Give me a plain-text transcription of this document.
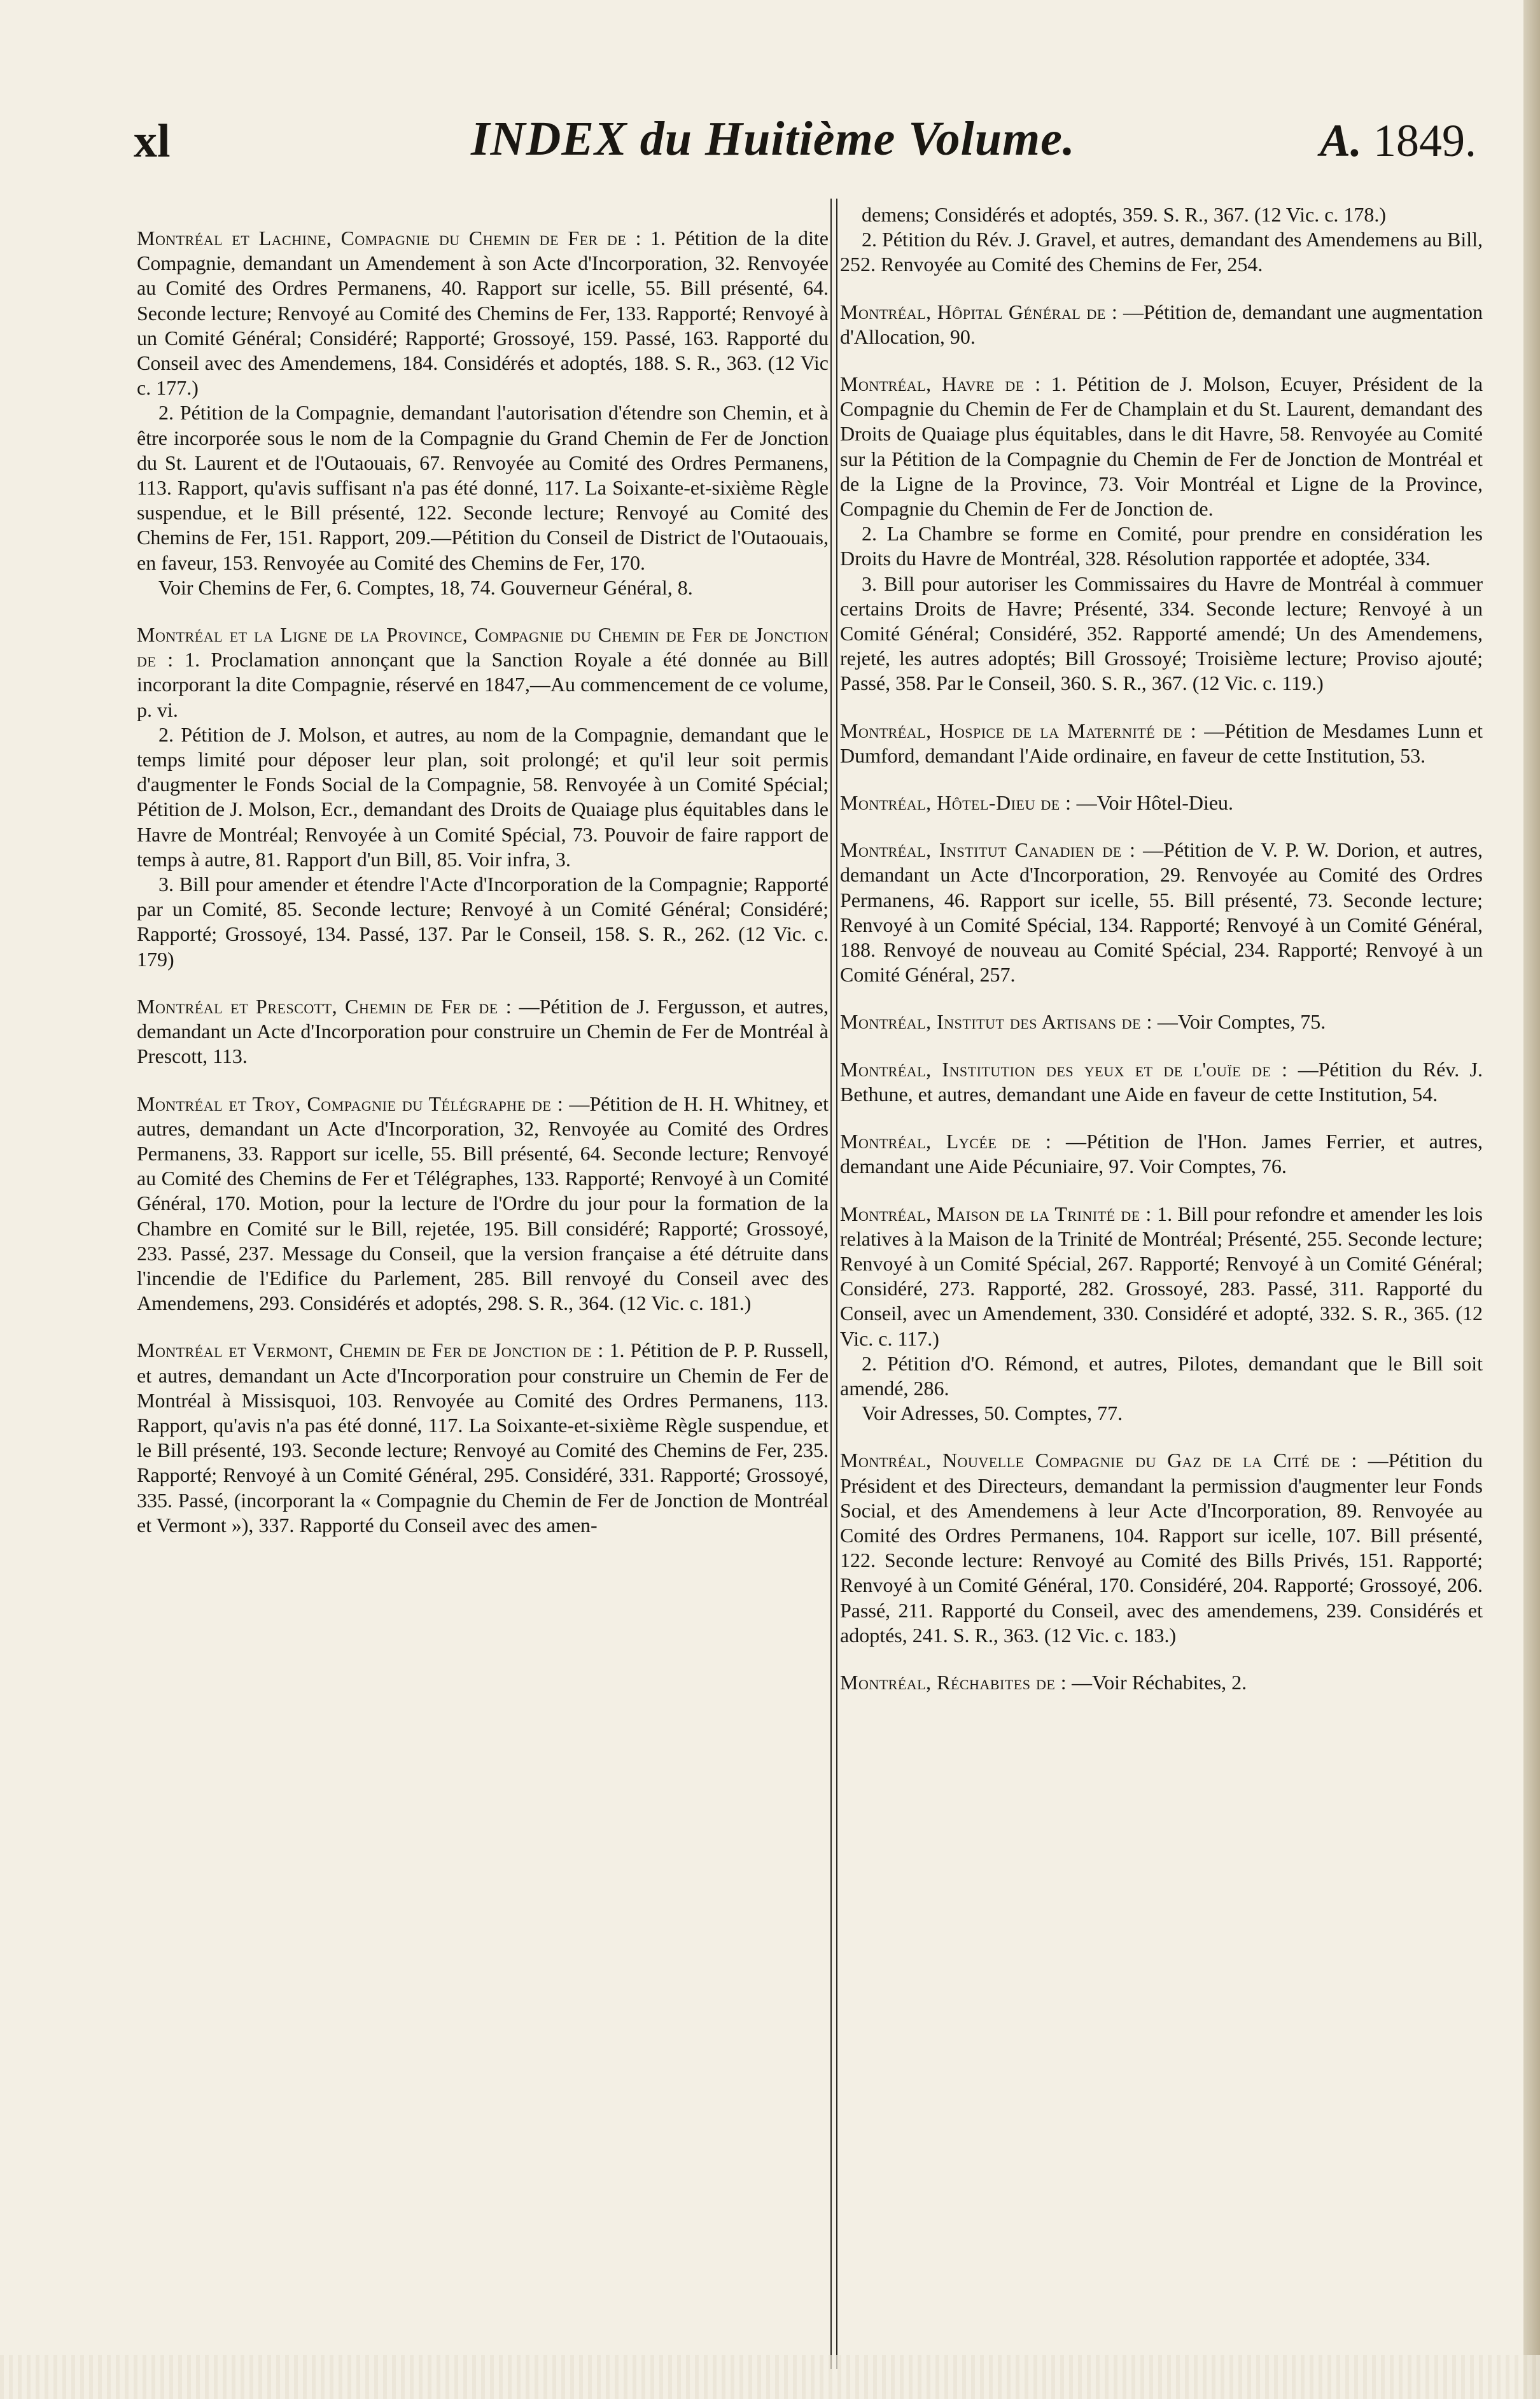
xl	INDEX du Huitième Volume.	A. 1849.

Montréal et Lachine, Compagnie du Chemin de Fer de : 1. Pétition de la dite Compagnie, demandant un Amendement à son Acte d'Incorporation, 32. Renvoyée au Comité des Ordres Permanens, 40. Rapport sur icelle, 55. Bill présenté, 64. Seconde lecture; Renvoyé au Comité des Chemins de Fer, 133. Rapporté; Renvoyé à un Comité Général; Considéré; Rapporté; Grossoyé, 159. Passé, 163. Rapporté du Conseil avec des Amendemens, 184. Considérés et adoptés, 188. S. R., 363. (12 Vic c. 177.)

2. Pétition de la Compagnie, demandant l'autorisation d'étendre son Chemin, et à être incorporée sous le nom de la Compagnie du Grand Chemin de Fer de Jonction du St. Laurent et de l'Outaouais, 67. Renvoyée au Comité des Ordres Permanens, 113. Rapport, qu'avis suffisant n'a pas été donné, 117. La Soixante-et-sixième Règle suspendue, et le Bill présenté, 122. Seconde lecture; Renvoyé au Comité des Chemins de Fer, 151. Rapport, 209.—Pétition du Conseil de District de l'Outaouais, en faveur, 153. Renvoyée au Comité des Chemins de Fer, 170.

Voir Chemins de Fer, 6. Comptes, 18, 74. Gouverneur Général, 8.

Montréal et la Ligne de la Province, Compagnie du Chemin de Fer de Jonction de : 1. Proclamation annonçant que la Sanction Royale a été donnée au Bill incorporant la dite Compagnie, réservé en 1847,—Au commencement de ce volume, p. vi.

2. Pétition de J. Molson, et autres, au nom de la Compagnie, demandant que le temps limité pour déposer leur plan, soit prolongé; et qu'il leur soit permis d'augmenter le Fonds Social de la Compagnie, 58. Renvoyée à un Comité Spécial; Pétition de J. Molson, Ecr., demandant des Droits de Quaiage plus équitables dans le Havre de Montréal; Renvoyée à un Comité Spécial, 73. Pouvoir de faire rapport de temps à autre, 81. Rapport d'un Bill, 85. Voir infra, 3.

3. Bill pour amender et étendre l'Acte d'Incorporation de la Compagnie; Rapporté par un Comité, 85. Seconde lecture; Renvoyé à un Comité Général; Considéré; Rapporté; Grossoyé, 134. Passé, 137. Par le Conseil, 158. S. R., 262. (12 Vic. c. 179)

Montréal et Prescott, Chemin de Fer de : —Pétition de J. Fergusson, et autres, demandant un Acte d'Incorporation pour construire un Chemin de Fer de Montréal à Prescott, 113.

Montréal et Troy, Compagnie du Télégraphe de : —Pétition de H. H. Whitney, et autres, demandant un Acte d'Incorporation, 32, Renvoyée au Comité des Ordres Permanens, 33. Rapport sur icelle, 55. Bill présenté, 64. Seconde lecture; Renvoyé au Comité des Chemins de Fer et Télégraphes, 133. Rapporté; Renvoyé à un Comité Général, 170. Motion, pour la lecture de l'Ordre du jour pour la formation de la Chambre en Comité sur le Bill, rejetée, 195. Bill considéré; Rapporté; Grossoyé, 233. Passé, 237. Message du Conseil, que la version française a été détruite dans l'incendie de l'Edifice du Parlement, 285. Bill renvoyé du Conseil avec des Amendemens, 293. Considérés et adoptés, 298. S. R., 364. (12 Vic. c. 181.)

Montréal et Vermont, Chemin de Fer de Jonction de : 1. Pétition de P. P. Russell, et autres, demandant un Acte d'Incorporation pour construire un Chemin de Fer de Montréal à Missisquoi, 103. Renvoyée au Comité des Ordres Permanens, 113. Rapport, qu'avis n'a pas été donné, 117. La Soixante-et-sixième Règle suspendue, et le Bill présenté, 193. Seconde lecture; Renvoyé au Comité des Chemins de Fer, 235. Rapporté; Renvoyé à un Comité Général, 295. Considéré, 331. Rapporté; Grossoyé, 335. Passé, (incorporant la « Compagnie du Chemin de Fer de Jonction de Montréal et Vermont »), 337. Rapporté du Conseil avec des amen-

demens; Considérés et adoptés, 359. S. R., 367. (12 Vic. c. 178.)

2. Pétition du Rév. J. Gravel, et autres, demandant des Amendemens au Bill, 252. Renvoyée au Comité des Chemins de Fer, 254.

Montréal, Hôpital Général de : —Pétition de, demandant une augmentation d'Allocation, 90.

Montréal, Havre de : 1. Pétition de J. Molson, Ecuyer, Président de la Compagnie du Chemin de Fer de Champlain et du St. Laurent, demandant des Droits de Quaiage plus équitables, dans le dit Havre, 58. Renvoyée au Comité sur la Pétition de la Compagnie du Chemin de Fer de Jonction de Montréal et de la Ligne de la Province, 73. Voir Montréal et Ligne de la Province, Compagnie du Chemin de Fer de Jonction de.

2. La Chambre se forme en Comité, pour prendre en considération les Droits du Havre de Montréal, 328. Résolution rapportée et adoptée, 334.

3. Bill pour autoriser les Commissaires du Havre de Montréal à commuer certains Droits de Havre; Présenté, 334. Seconde lecture; Renvoyé à un Comité Général; Considéré, 352. Rapporté amendé; Un des Amendemens, rejeté, les autres adoptés; Bill Grossoyé; Troisième lecture; Proviso ajouté; Passé, 358. Par le Conseil, 360. S. R., 367. (12 Vic. c. 119.)

Montréal, Hospice de la Maternité de : —Pétition de Mesdames Lunn et Dumford, demandant l'Aide ordinaire, en faveur de cette Institution, 53.

Montréal, Hôtel-Dieu de : —Voir Hôtel-Dieu.

Montréal, Institut Canadien de : —Pétition de V. P. W. Dorion, et autres, demandant un Acte d'Incorporation, 29. Renvoyée au Comité des Ordres Permanens, 46. Rapport sur icelle, 55. Bill présenté, 73. Seconde lecture; Renvoyé à un Comité Spécial, 134. Rapporté; Renvoyé à un Comité Général, 188. Renvoyé de nouveau au Comité Spécial, 234. Rapporté; Renvoyé à un Comité Général, 257.

Montréal, Institut des Artisans de : —Voir Comptes, 75.

Montréal, Institution des yeux et de l'ouïe de : —Pétition du Rév. J. Bethune, et autres, demandant une Aide en faveur de cette Institution, 54.

Montréal, Lycée de : —Pétition de l'Hon. James Ferrier, et autres, demandant une Aide Pécuniaire, 97. Voir Comptes, 76.

Montréal, Maison de la Trinité de : 1. Bill pour refondre et amender les lois relatives à la Maison de la Trinité de Montréal; Présenté, 255. Seconde lecture; Renvoyé à un Comité Spécial, 267. Rapporté; Renvoyé à un Comité Général; Considéré, 273. Rapporté, 282. Grossoyé, 283. Passé, 311. Rapporté du Conseil, avec un Amendement, 330. Considéré et adopté, 332. S. R., 365. (12 Vic. c. 117.)

2. Pétition d'O. Rémond, et autres, Pilotes, demandant que le Bill soit amendé, 286.

Voir Adresses, 50. Comptes, 77.

Montréal, Nouvelle Compagnie du Gaz de la Cité de : —Pétition du Président et des Directeurs, demandant la permission d'augmenter leur Fonds Social, et des Amendemens à leur Acte d'Incorporation, 89. Renvoyée au Comité des Ordres Permanens, 104. Rapport sur icelle, 107. Bill présenté, 122. Seconde lecture: Renvoyé au Comité des Bills Privés, 151. Rapporté; Renvoyé à un Comité Général, 170. Considéré, 204. Rapporté; Grossoyé, 206. Passé, 211. Rapporté du Conseil, avec des amendemens, 239. Considérés et adoptés, 241. S. R., 363. (12 Vic. c. 183.)

Montréal, Réchabites de : —Voir Réchabites, 2.
